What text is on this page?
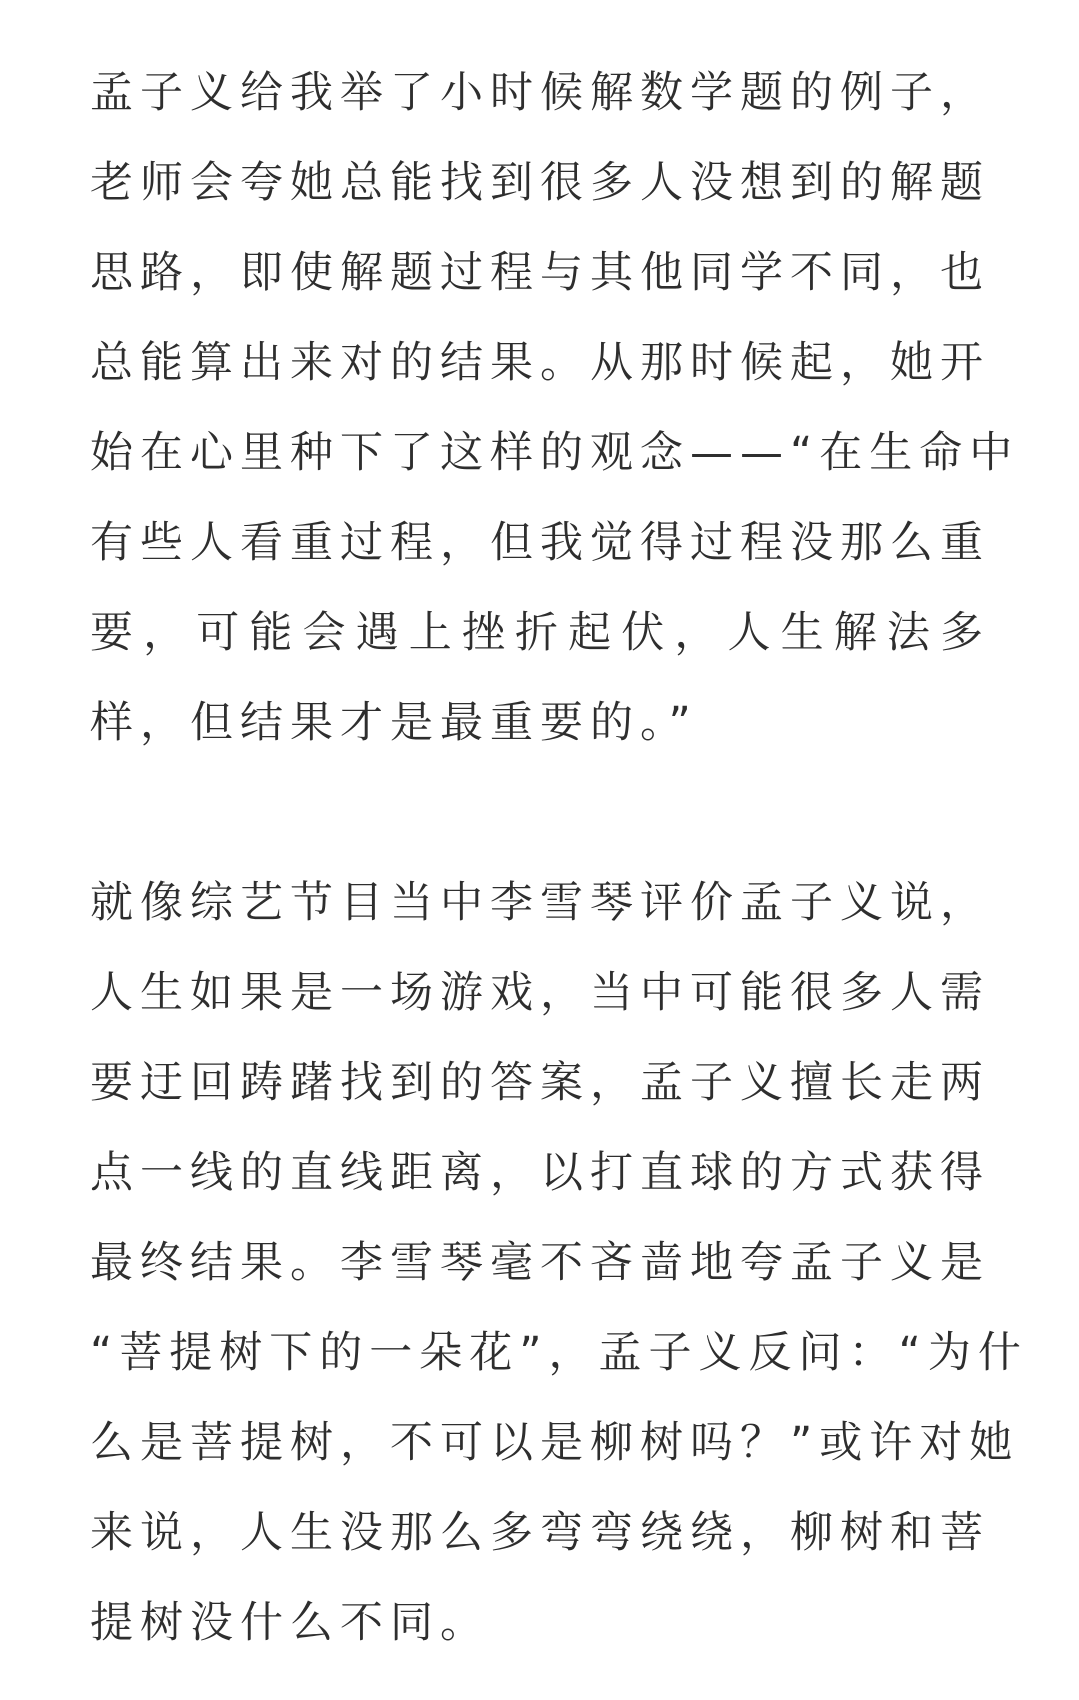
孟子义给我举了小时候解数学题的例子，
老师会夸她总能找到很多人没想到的解题
思路，即使解题过程与其他同学不同，也
总能算出来对的结果。从那时候起，她开
始在心里种下了这样的观念——“在生命中
有些人看重过程，但我觉得过程没那么重
要，可能会遇上挫折起伏，人生解法多
样，但结果才是最重要的。”

就像综艺节目当中李雪琴评价孟子义说，
人生如果是一场游戏，当中可能很多人需
要迂回踌躇找到的答案，孟子义擅长走两
点一线的直线距离，以打直球的方式获得
最终结果。李雪琴毫不吝啬地夸孟子义是
“菩提树下的一朵花”，孟子义反问：“为什
么是菩提树，不可以是柳树吗？”或许对她
来说，人生没那么多弯弯绕绕，柳树和菩
提树没什么不同。
